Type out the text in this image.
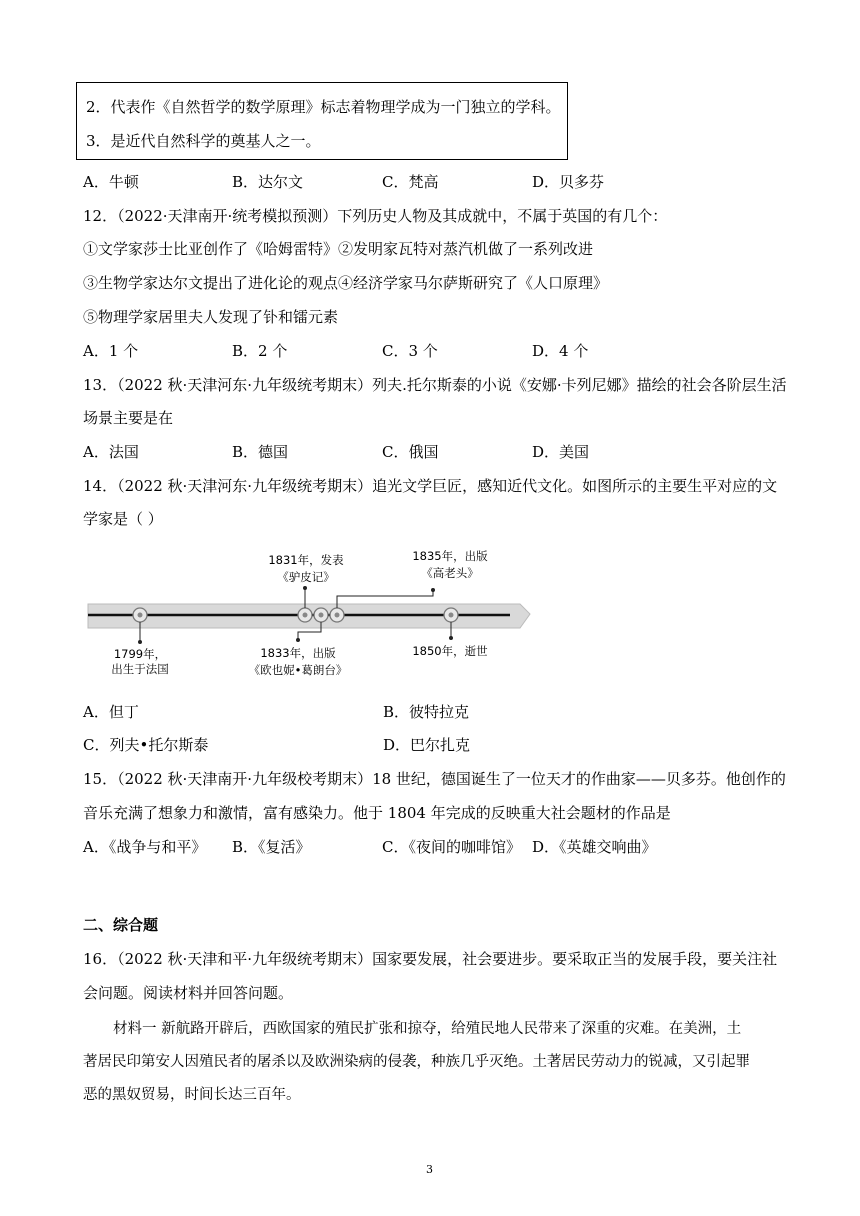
2．代表作《自然哲学的数学原理》标志着物理学成为一门独立的学科。
3．是近代自然科学的奠基人之一。
A．牛顿	B．达尔文	C．梵高	D．贝多芬
12．（2022·天津南开·统考模拟预测）下列历史人物及其成就中，不属于英国的有几个：
①文学家莎士比亚创作了《哈姆雷特》②发明家瓦特对蒸汽机做了一系列改进
③生物学家达尔文提出了进化论的观点④经济学家马尔萨斯研究了《人口原理》
⑤物理学家居里夫人发现了钋和镭元素
A．1 个	B．2 个	C．3 个	D．4 个
13．（2022 秋·天津河东·九年级统考期末）列夫.托尔斯泰的小说《安娜·卡列尼娜》描绘的社会各阶层生活
场景主要是在
A．法国	B．德国	C．俄国	D．美国
14．（2022 秋·天津河东·九年级统考期末）追光文学巨匠，感知近代文化。如图所示的主要生平对应的文
学家是（ ）
1831年，发表
《驴皮记》
1835年，出版
《高老头》
1799年，
出生于法国
1833年，出版
《欧也妮•葛朗台》
1850年，逝世
A．但丁	B．彼特拉克
C．列夫•托尔斯泰	D．巴尔扎克
15．（2022 秋·天津南开·九年级校考期末）18 世纪，德国诞生了一位天才的作曲家——贝多芬。他创作的
音乐充满了想象力和激情，富有感染力。他于 1804 年完成的反映重大社会题材的作品是
A．《战争与和平》 B．《复活》	C．《夜间的咖啡馆》 D．《英雄交响曲》
二、综合题
16．（2022 秋·天津和平·九年级统考期末）国家要发展，社会要进步。要采取正当的发展手段，要关注社
会问题。阅读材料并回答问题。
材料一 新航路开辟后，西欧国家的殖民扩张和掠夺，给殖民地人民带来了深重的灾难。在美洲，土
著居民印第安人因殖民者的屠杀以及欧洲染病的侵袭，种族几乎灭绝。土著居民劳动力的锐减，又引起罪
恶的黑奴贸易，时间长达三百年。
3
